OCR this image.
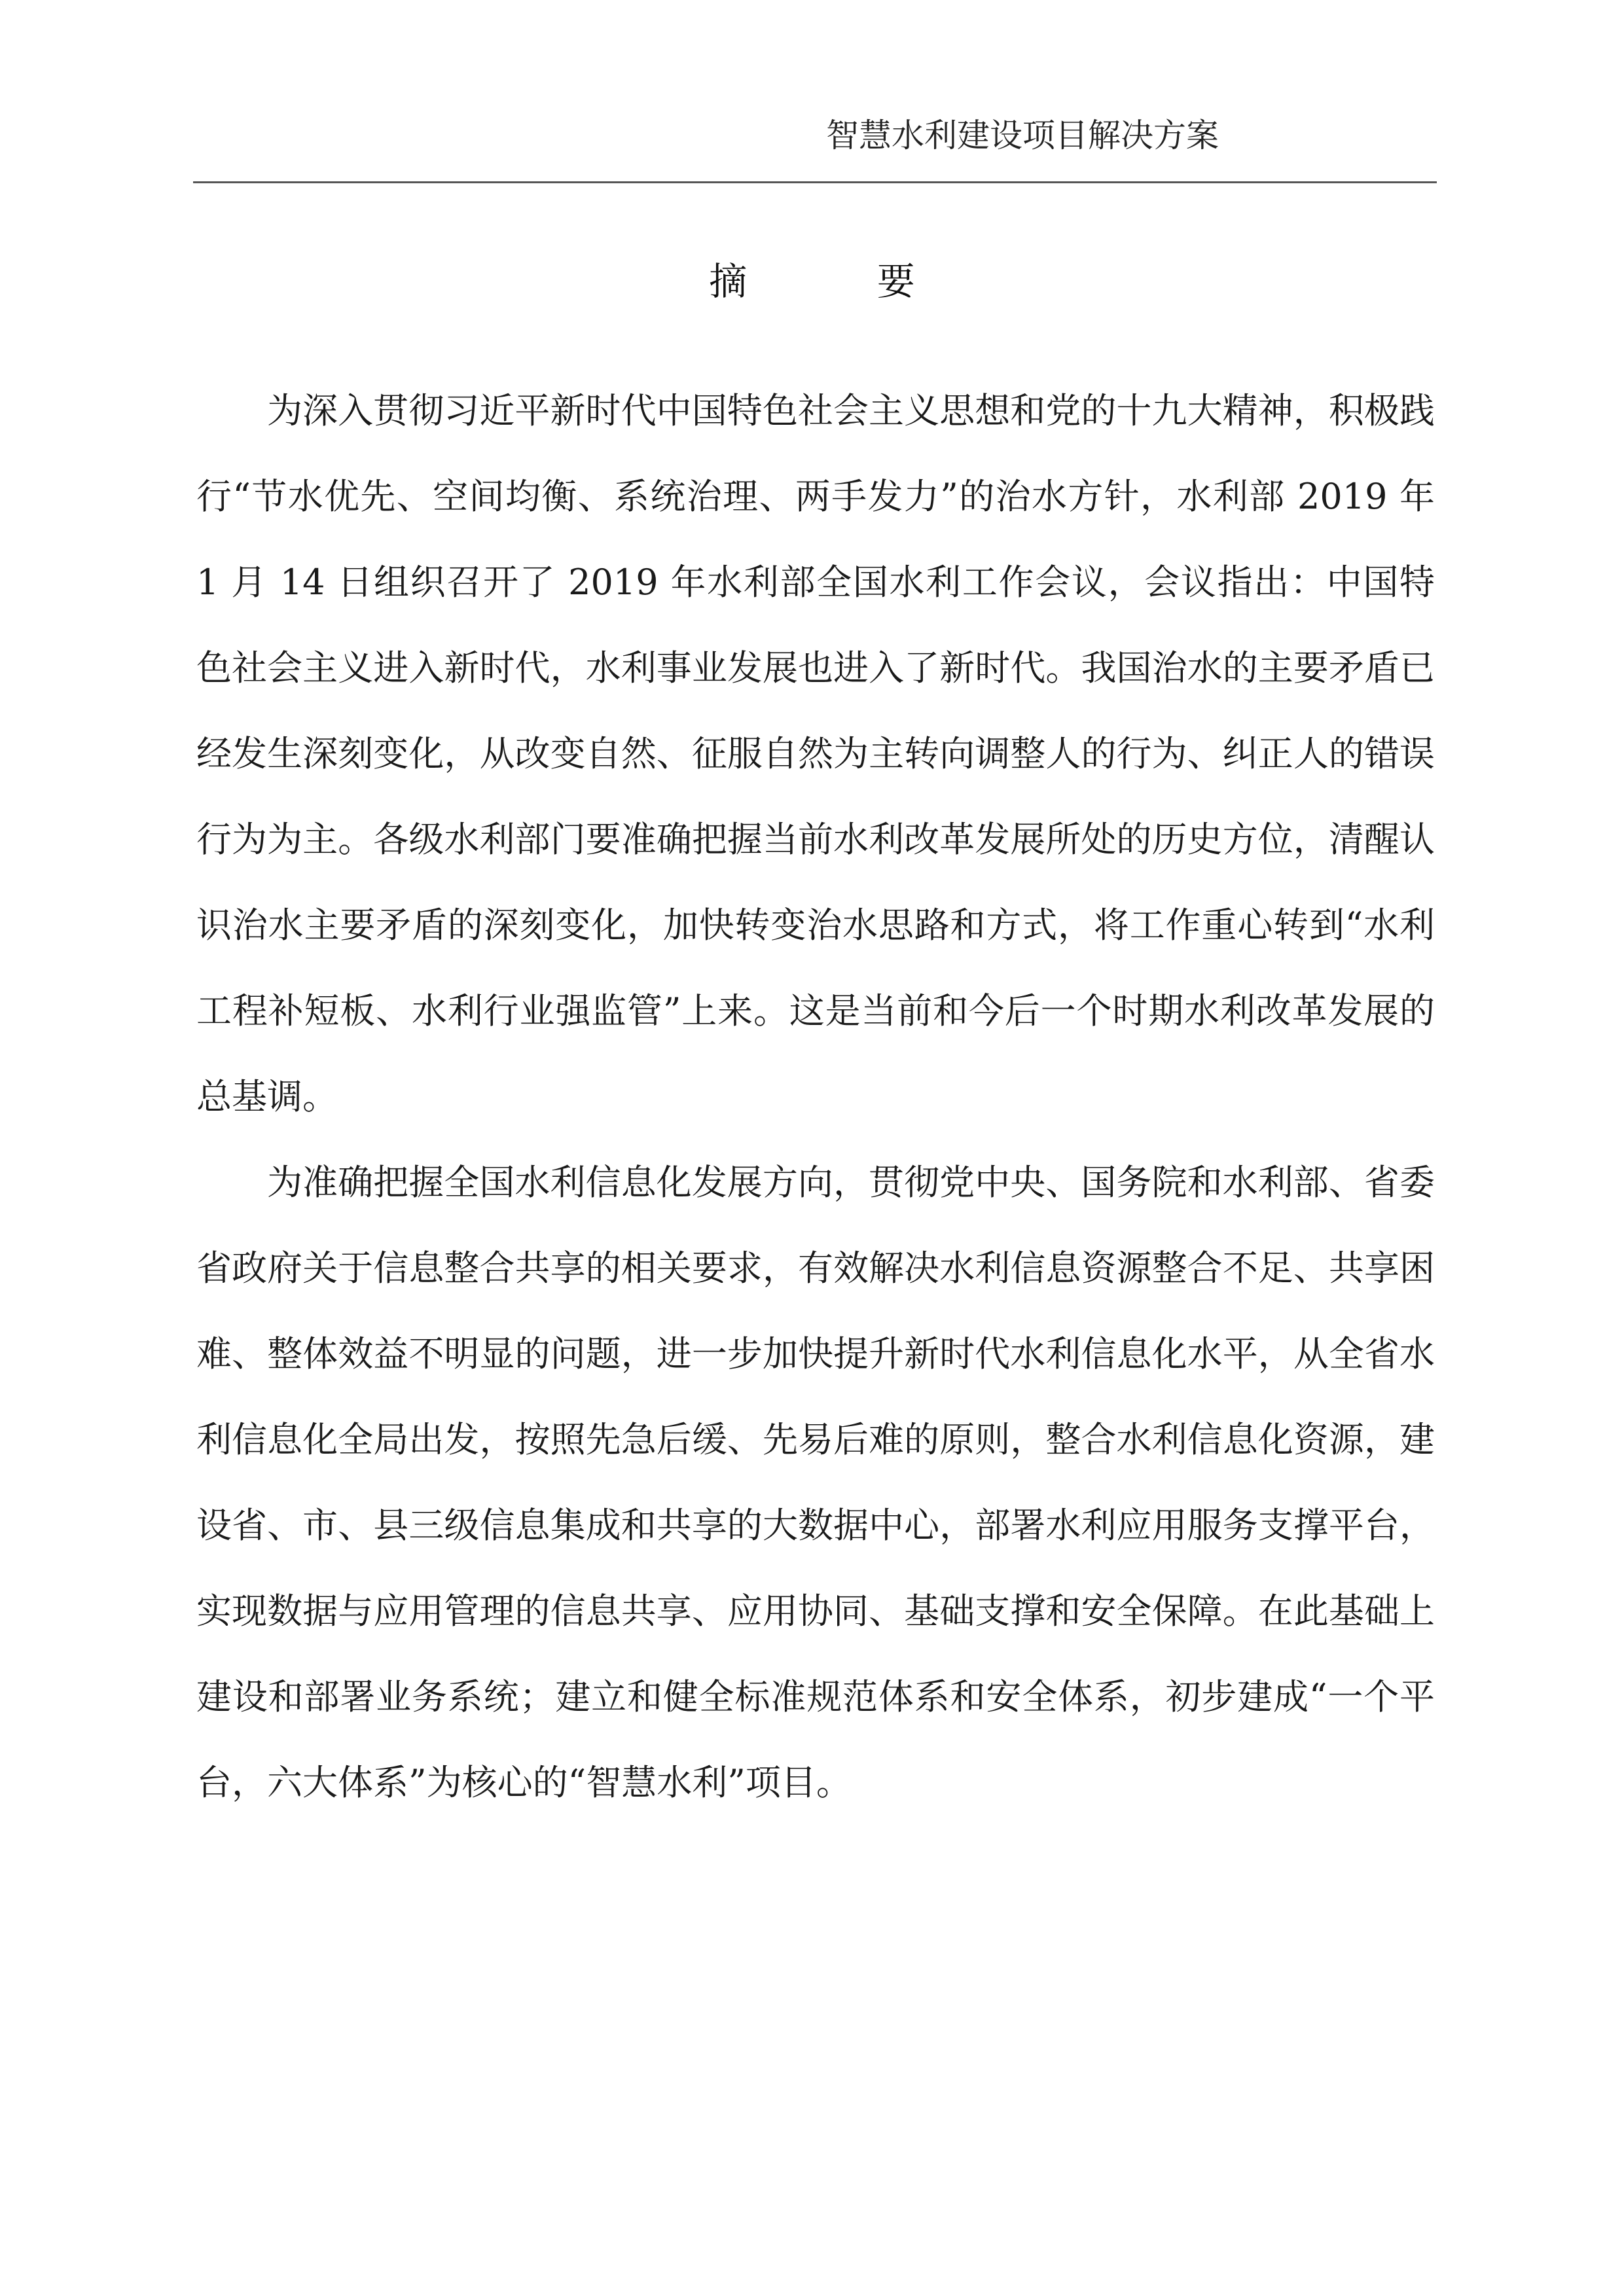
智慧水利建设项目解决方案
摘 要

为深入贯彻习近平新时代中国特色社会主义思想和党的十九大精神，积极践行“节水优先、空间均衡、系统治理、两手发力”的治水方针，水利部 2019 年 1 月 14 日组织召开了 2019 年水利部全国水利工作会议，会议指出：中国特色社会主义进入新时代，水利事业发展也进入了新时代。我国治水的主要矛盾已经发生深刻变化，从改变自然、征服自然为主转向调整人的行为、纠正人的错误行为为主。各级水利部门要准确把握当前水利改革发展所处的历史方位，清醒认识治水主要矛盾的深刻变化，加快转变治水思路和方式，将工作重心转到“水利工程补短板、水利行业强监管”上来。这是当前和今后一个时期水利改革发展的总基调。

为准确把握全国水利信息化发展方向，贯彻党中央、国务院和水利部、省委省政府关于信息整合共享的相关要求，有效解决水利信息资源整合不足、共享困难、整体效益不明显的问题，进一步加快提升新时代水利信息化水平，从全省水利信息化全局出发，按照先急后缓、先易后难的原则，整合水利信息化资源，建设省、市、县三级信息集成和共享的大数据中心，部署水利应用服务支撑平台，实现数据与应用管理的信息共享、应用协同、基础支撑和安全保障。在此基础上建设和部署业务系统；建立和健全标准规范体系和安全体系，初步建成“一个平台，六大体系”为核心的“智慧水利”项目。
